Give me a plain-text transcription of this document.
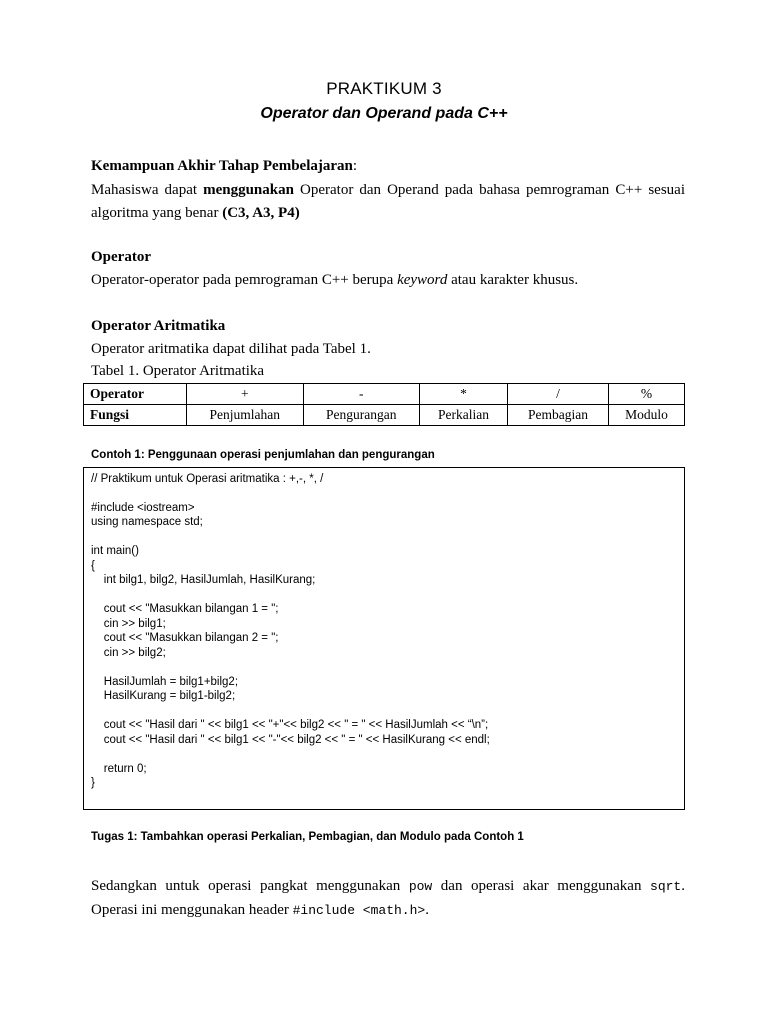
PRAKTIKUM 3
Operator dan Operand pada C++
Kemampuan Akhir Tahap Pembelajaran:
Mahasiswa dapat menggunakan Operator dan Operand pada bahasa pemrograman C++ sesuai
algoritma yang benar (C3, A3, P4)
Operator
Operator-operator pada pemrograman C++ berupa keyword atau karakter khusus.
Operator Aritmatika
Operator aritmatika dapat dilihat pada Tabel 1.
Tabel 1. Operator Aritmatika
Operator	+	-	*	/	%
Fungsi	Penjumlahan	Pengurangan	Perkalian	Pembagian	Modulo
Contoh 1: Penggunaan operasi penjumlahan dan pengurangan
// Praktikum untuk Operasi aritmatika : +,-, *, /
#include <iostream>
using namespace std;
int main()
{
int bilg1, bilg2, HasilJumlah, HasilKurang;
cout << "Masukkan bilangan 1 = ";
cin >> bilg1;
cout << "Masukkan bilangan 2 = ";
cin >> bilg2;
HasilJumlah = bilg1+bilg2;
HasilKurang = bilg1-bilg2;
cout << "Hasil dari " << bilg1 << "+"<< bilg2 << " = " << HasilJumlah << “\n”;
cout << "Hasil dari " << bilg1 << "-"<< bilg2 << " = " << HasilKurang << endl;
return 0;
}
Tugas 1: Tambahkan operasi Perkalian, Pembagian, dan Modulo pada Contoh 1
Sedangkan untuk operasi pangkat menggunakan pow dan operasi akar menggunakan sqrt.
Operasi ini menggunakan header #include <math.h>.
